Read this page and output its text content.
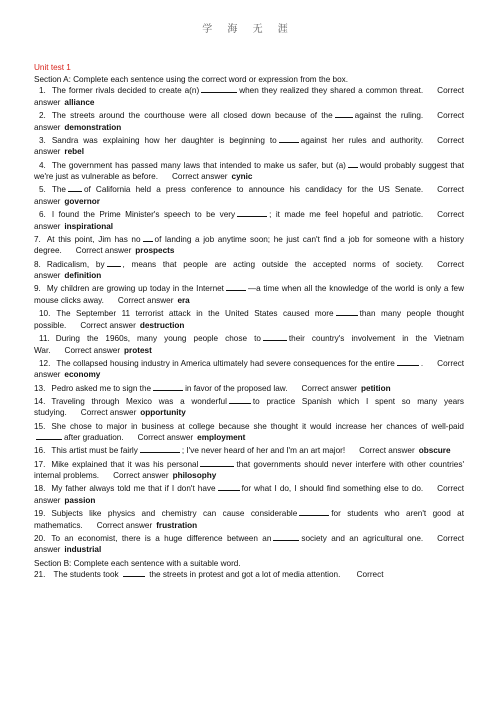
学 海 无 涯

Unit test 1

Section A: Complete each sentence using the correct word or expression from the box.

1. The former rivals decided to create a(n)	when they realized they shared a common threat. Correct answer alliance

2. The streets around the courthouse were all closed down because of the	against the ruling. Correct answer demonstration

3. Sandra was explaining how her daughter is beginning to	against her rules and authority. Correct answer rebel

4. The government has passed many laws that intended to make us safer, but (a) would probably suggest that we're just as vulnerable as before. Correct answer cynic

5. The of California held a press conference to announce his candidacy for the US Senate. Correct answer governor

6. I found the Prime Minister's speech to be very	; it made me feel hopeful and patriotic. Correct answer inspirational

7. At this point, Jim has no of landing a job anytime soon; he just can't find a job for someone with a history degree. Correct answer prospects

8. Radicalism, by , means that people are acting outside the accepted norms of society. Correct answer definition

9. My children are growing up today in the Internet	—a time when all the knowledge of the world is only a few mouse clicks away. Correct answer era

10. The September 11 terrorist attack in the United States caused more	than many people thought possible. Correct answer destruction

11. During the 1960s, many young people chose to	their country's involvement in the Vietnam War. Correct answer protest

12. The collapsed housing industry in America ultimately had severe consequences for the entire	. Correct answer economy

13. Pedro asked me to sign the	in favor of the proposed law. Correct answer petition

14. Traveling through Mexico was a wonderful	to practice Spanish which I spent so many years studying. Correct answer opportunity

15. She chose to major in business at college because she thought it would increase her chances of well-paidafter graduation. Correct answer employment

16. This artist must be fairly	; I've never heard of her and I'm an art major! Correct answer obscure

17. Mike explained that it was his personal	that governments should never interfere with other countries' internal problems. Correct answer philosophy

18. My father always told me that if I don't have	for what I do, I should find something else to do. Correct answer passion

19. Subjects like physics and chemistry can cause considerable	for students who aren't good at mathematics. Correct answer frustration

20. To an economist, there is a huge difference between an	society and an agricultural one. Correct answer industrial

Section B: Complete each sentence with a suitable word.

21. The students took	the streets in protest and got a lot of media attention. Correct
